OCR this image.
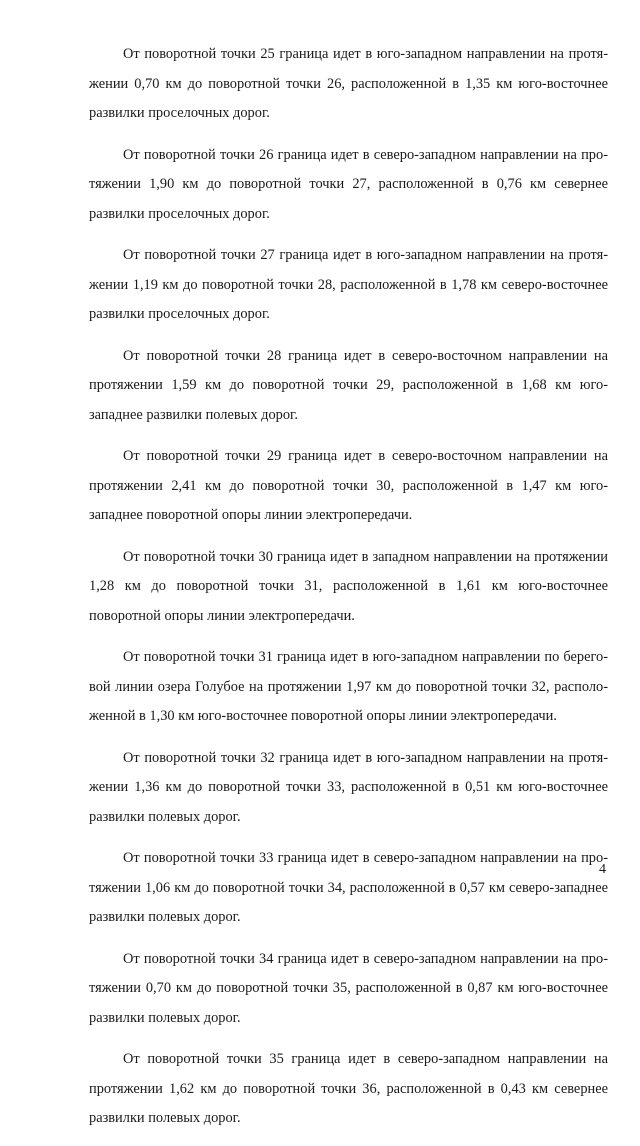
От поворотной точки 25 граница идет в юго-западном направлении на протяжении 0,70 км до поворотной точки 26, расположенной в 1,35 км юго-восточнее развилки проселочных дорог.

От поворотной точки 26 граница идет в северо-западном направлении на протяжении 1,90 км до поворотной точки 27, расположенной в 0,76 км севернее развилки проселочных дорог.

От поворотной точки 27 граница идет в юго-западном направлении на протяжении 1,19 км до поворотной точки 28, расположенной в 1,78 км северо-восточнее развилки проселочных дорог.

От поворотной точки 28 граница идет в северо-восточном направлении на протяжении 1,59 км до поворотной точки 29, расположенной в 1,68 км юго-западнее развилки полевых дорог.

От поворотной точки 29 граница идет в северо-восточном направлении на протяжении 2,41 км до поворотной точки 30, расположенной в 1,47 км юго-западнее поворотной опоры линии электропередачи.

От поворотной точки 30 граница идет в западном направлении на протяжении 1,28 км до поворотной точки 31, расположенной в 1,61 км юго-восточнее поворотной опоры линии электропередачи.

От поворотной точки 31 граница идет в юго-западном направлении по береговой линии озера Голубое на протяжении 1,97 км до поворотной точки 32, расположенной в 1,30 км юго-восточнее поворотной опоры линии электропередачи.

От поворотной точки 32 граница идет в юго-западном направлении на протяжении 1,36 км до поворотной точки 33, расположенной в 0,51 км юго-восточнее развилки полевых дорог.

От поворотной точки 33 граница идет в северо-западном направлении на протяжении 1,06 км до поворотной точки 34, расположенной в 0,57 км северо-западнее развилки полевых дорог.

От поворотной точки 34 граница идет в северо-западном направлении на протяжении 0,70 км до поворотной точки 35, расположенной в 0,87 км юго-восточнее развилки полевых дорог.

От поворотной точки 35 граница идет в северо-западном направлении на протяжении 1,62 км до поворотной точки 36, расположенной в 0,43 км севернее развилки полевых дорог.

4
